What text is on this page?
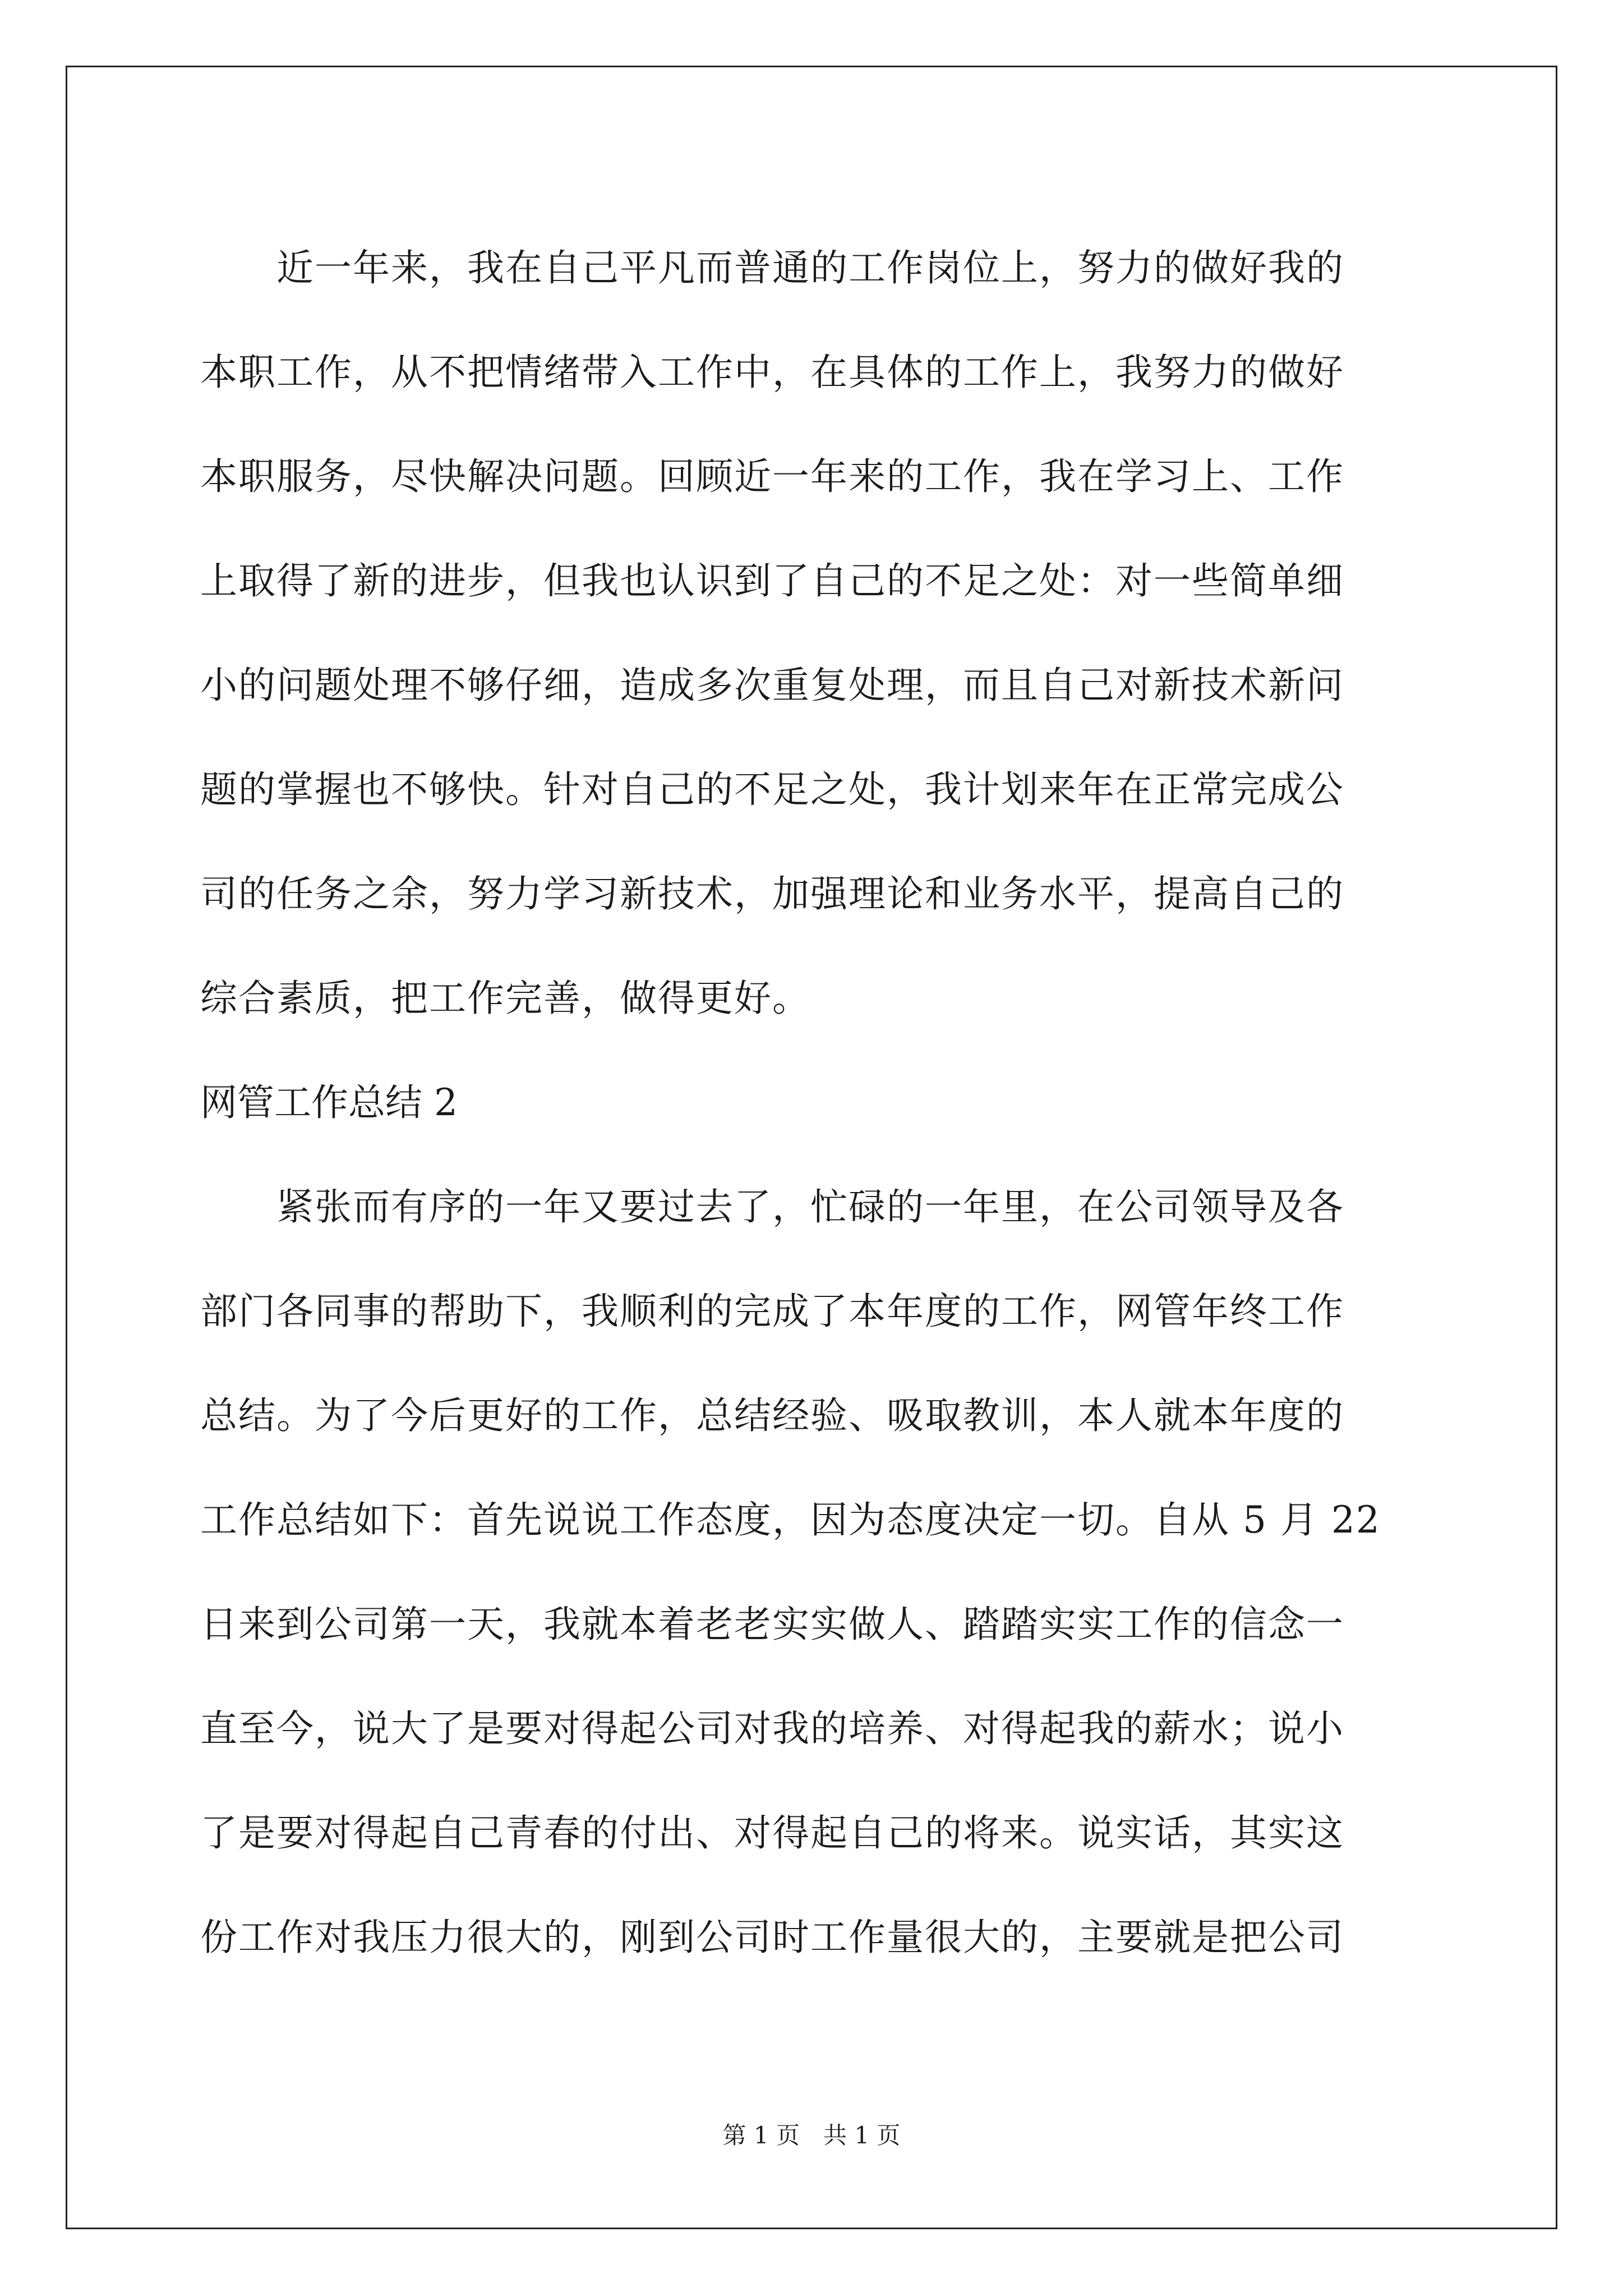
　　近一年来，我在自己平凡而普通的工作岗位上，努力的做好我的
本职工作，从不把情绪带入工作中，在具体的工作上，我努力的做好
本职服务，尽快解决问题。回顾近一年来的工作，我在学习上、工作
上取得了新的进步，但我也认识到了自己的不足之处：对一些简单细
小的问题处理不够仔细，造成多次重复处理，而且自己对新技术新问
题的掌握也不够快。针对自己的不足之处，我计划来年在正常完成公
司的任务之余，努力学习新技术，加强理论和业务水平，提高自己的
综合素质，把工作完善，做得更好。
网管工作总结 2
　　紧张而有序的一年又要过去了，忙碌的一年里，在公司领导及各
部门各同事的帮助下，我顺利的完成了本年度的工作，网管年终工作
总结。为了今后更好的工作，总结经验、吸取教训，本人就本年度的
工作总结如下：首先说说工作态度，因为态度决定一切。自从 5 月 22
日来到公司第一天，我就本着老老实实做人、踏踏实实工作的信念一
直至今，说大了是要对得起公司对我的培养、对得起我的薪水；说小
了是要对得起自己青春的付出、对得起自己的将来。说实话，其实这
份工作对我压力很大的，刚到公司时工作量很大的，主要就是把公司
第 1 页　共 1 页
